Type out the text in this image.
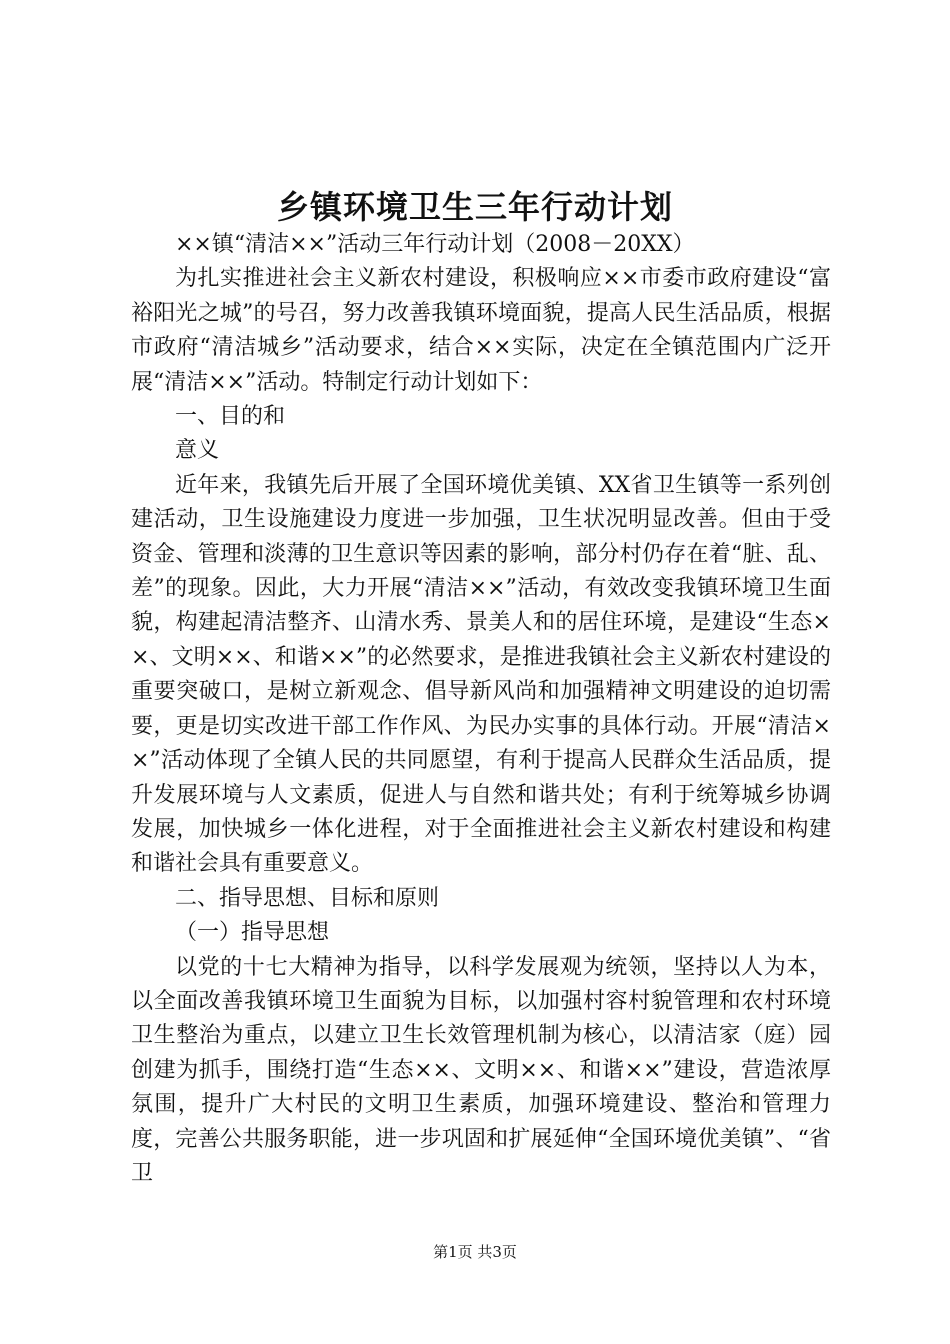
乡镇环境卫生三年行动计划

××镇“清洁××”活动三年行动计划（2008－20XX）

为扎实推进社会主义新农村建设，积极响应××市委市政府建设“富裕阳光之城”的号召，努力改善我镇环境面貌，提高人民生活品质，根据市政府“清洁城乡”活动要求，结合××实际，决定在全镇范围内广泛开展“清洁××”活动。特制定行动计划如下：

一、目的和

意义

近年来，我镇先后开展了全国环境优美镇、XX省卫生镇等一系列创建活动，卫生设施建设力度进一步加强，卫生状况明显改善。但由于受资金、管理和淡薄的卫生意识等因素的影响，部分村仍存在着“脏、乱、差”的现象。因此，大力开展“清洁××”活动，有效改变我镇环境卫生面貌，构建起清洁整齐、山清水秀、景美人和的居住环境，是建设“生态××、文明××、和谐××”的必然要求，是推进我镇社会主义新农村建设的重要突破口，是树立新观念、倡导新风尚和加强精神文明建设的迫切需要，更是切实改进干部工作作风、为民办实事的具体行动。开展“清洁××”活动体现了全镇人民的共同愿望，有利于提高人民群众生活品质，提升发展环境与人文素质，促进人与自然和谐共处；有利于统筹城乡协调发展，加快城乡一体化进程，对于全面推进社会主义新农村建设和构建和谐社会具有重要意义。

二、指导思想、目标和原则

（一）指导思想

以党的十七大精神为指导，以科学发展观为统领，坚持以人为本，以全面改善我镇环境卫生面貌为目标，以加强村容村貌管理和农村环境卫生整治为重点，以建立卫生长效管理机制为核心，以清洁家（庭）园创建为抓手，围绕打造“生态××、文明××、和谐××”建设，营造浓厚氛围，提升广大村民的文明卫生素质，加强环境建设、整治和管理力度，完善公共服务职能，进一步巩固和扩展延伸“全国环境优美镇”、“省卫

第1页 共3页
